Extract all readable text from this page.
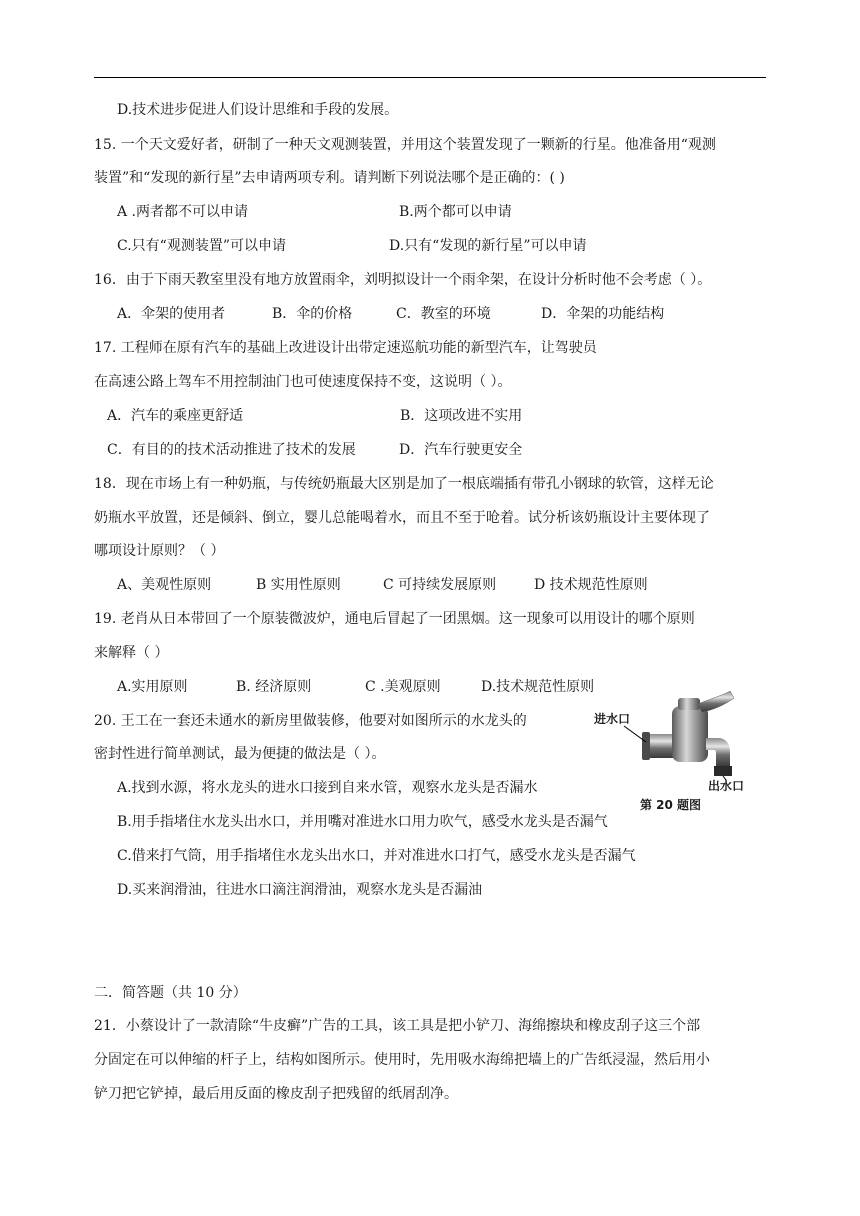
D.技术进步促进人们设计思维和手段的发展。
15. 一个天文爱好者，研制了一种天文观测装置，并用这个装置发现了一颗新的行星。他准备用“观测
装置”和“发现的新行星”去申请两项专利。请判断下列说法哪个是正确的：( )
A .两者都不可以申请	B.两个都可以申请
C.只有“观测装置”可以申请	D.只有“发现的新行星”可以申请
16．由于下雨天教室里没有地方放置雨伞，刘明拟设计一个雨伞架，在设计分析时他不会考虑（ ）。
A．伞架的使用者	B．伞的价格	C．教室的环境	D．伞架的功能结构
17. 工程师在原有汽车的基础上改进设计出带定速巡航功能的新型汽车，让驾驶员
在高速公路上驾车不用控制油门也可使速度保持不变，这说明（ ）。
A．汽车的乘座更舒适	B．这项改进不实用
C．有目的的技术活动推进了技术的发展	D．汽车行驶更安全
18．现在市场上有一种奶瓶，与传统奶瓶最大区别是加了一根底端插有带孔小钢球的软管，这样无论
奶瓶水平放置，还是倾斜、倒立，婴儿总能喝着水，而且不至于呛着。试分析该奶瓶设计主要体现了
哪项设计原则？（ ）
A、美观性原则	B 实用性原则	C 可持续发展原则	D 技术规范性原则
19. 老肖从日本带回了一个原装微波炉，通电后冒起了一团黑烟。这一现象可以用设计的哪个原则
来解释（ ）
A.实用原则	B. 经济原则	C .美观原则	D.技术规范性原则
20. 王工在一套还未通水的新房里做装修，他要对如图所示的水龙头的
密封性进行简单测试，最为便捷的做法是（ ）。
A.找到水源，将水龙头的进水口接到自来水管，观察水龙头是否漏水
B.用手指堵住水龙头出水口，并用嘴对准进水口用力吹气，感受水龙头是否漏气
C.借来打气筒，用手指堵住水龙头出水口，并对准进水口打气，感受水龙头是否漏气
D.买来润滑油，往进水口滴注润滑油，观察水龙头是否漏油
进水口
出水口
第 20 题图
二．简答题（共 10 分）
21．小蔡设计了一款清除“牛皮癣”广告的工具，该工具是把小铲刀、海绵擦块和橡皮刮子这三个部
分固定在可以伸缩的杆子上，结构如图所示。使用时，先用吸水海绵把墙上的广告纸浸湿，然后用小
铲刀把它铲掉，最后用反面的橡皮刮子把残留的纸屑刮净。
